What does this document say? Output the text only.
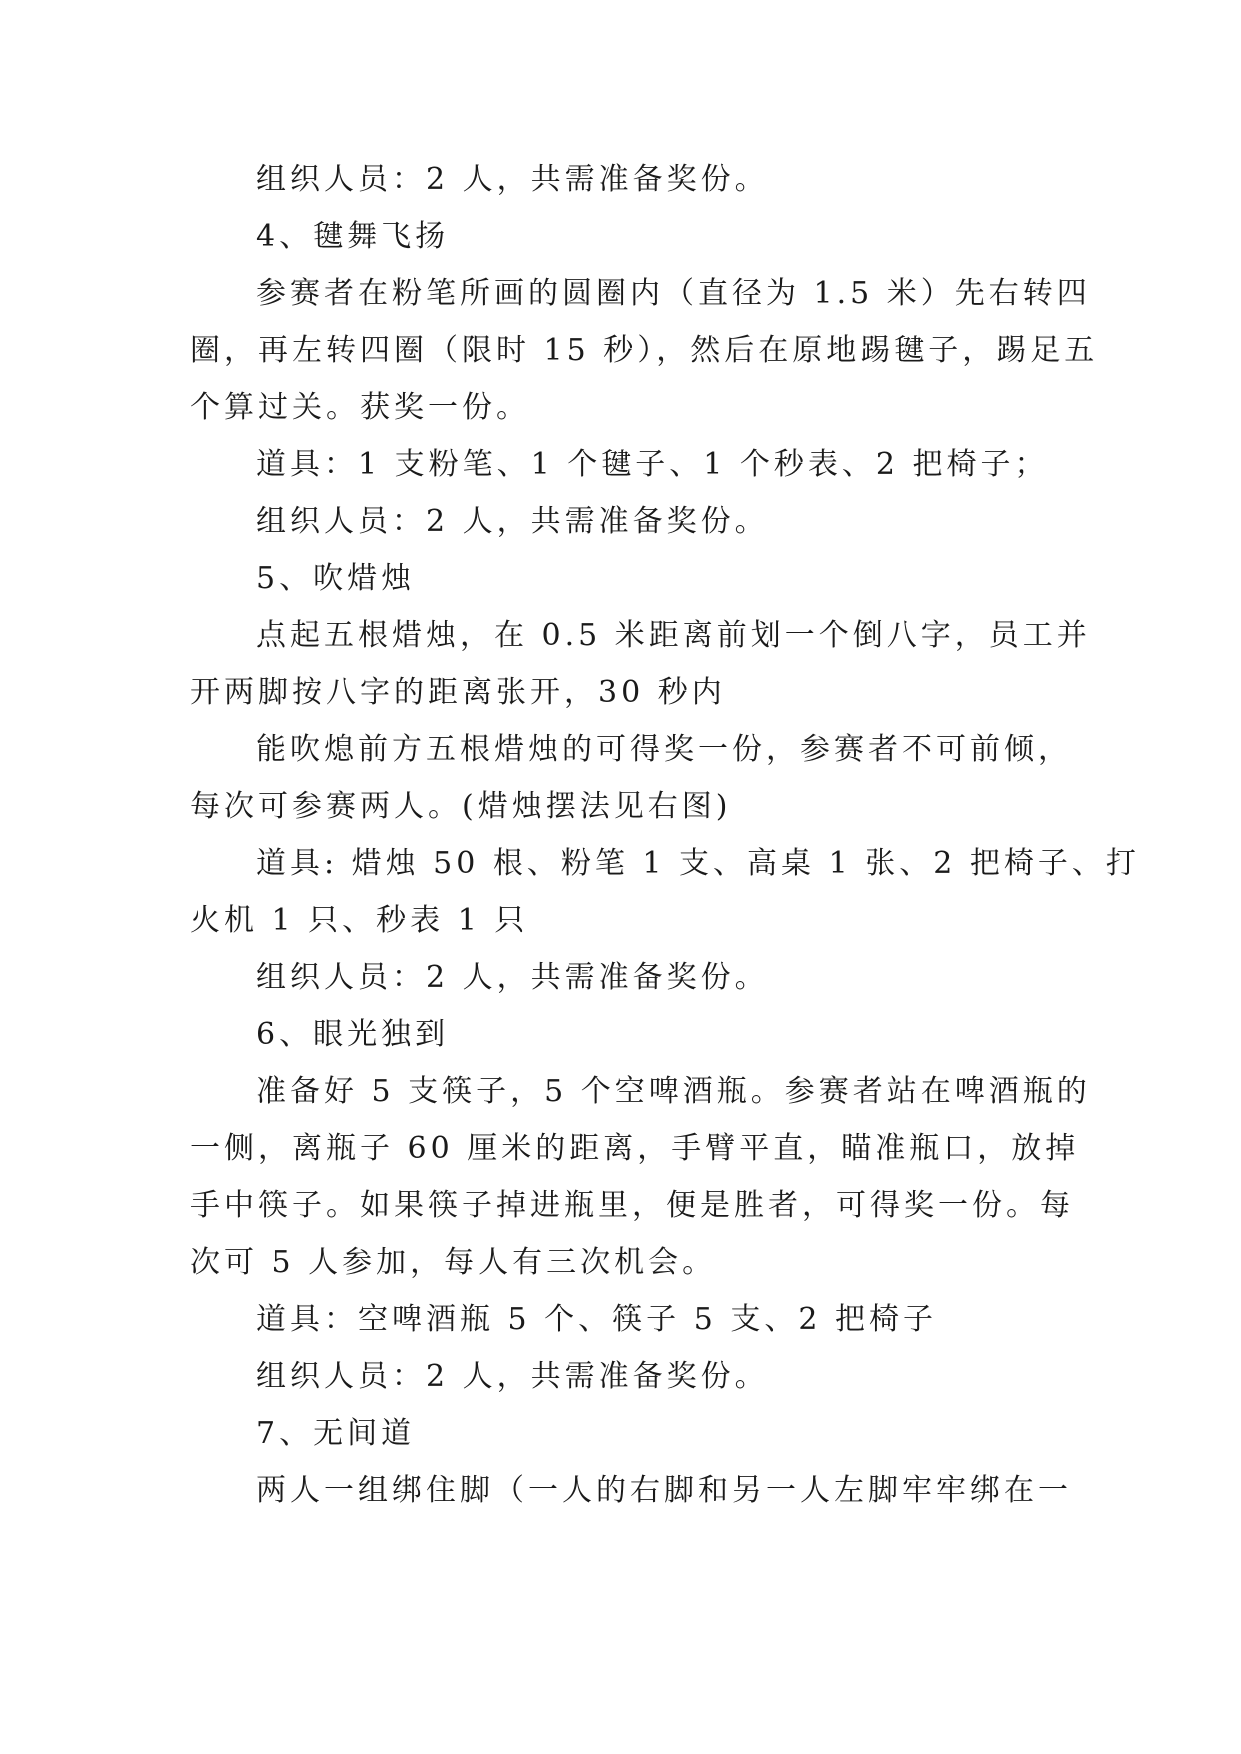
组织人员：2 人，共需准备奖份。
4、毽舞飞扬
参赛者在粉笔所画的圆圈内（直径为 1.5 米）先右转四
圈，再左转四圈（限时 15 秒），然后在原地踢毽子，踢足五
个算过关。获奖一份。
道具：1 支粉笔、1 个毽子、1 个秒表、2 把椅子；
组织人员：2 人，共需准备奖份。
5、吹焟烛
点起五根焟烛，在 0.5 米距离前划一个倒八字，员工并
开两脚按八字的距离张开，30 秒内
能吹熄前方五根焟烛的可得奖一份，参赛者不可前倾，
每次可参赛两人。(焟烛摆法见右图)
道具: 焟烛 50 根、粉笔 1 支、高桌 1 张、2 把椅子、打
火机 1 只、秒表 1 只
组织人员：2 人，共需准备奖份。
6、眼光独到
准备好 5 支筷子，5 个空啤酒瓶。参赛者站在啤酒瓶的
一侧，离瓶子 60 厘米的距离，手臂平直，瞄准瓶口，放掉
手中筷子。如果筷子掉进瓶里，便是胜者，可得奖一份。每
次可 5 人参加，每人有三次机会。
道具：空啤酒瓶 5 个、筷子 5 支、2 把椅子
组织人员：2 人，共需准备奖份。
7、无间道
两人一组绑住脚（一人的右脚和另一人左脚牢牢绑在一
